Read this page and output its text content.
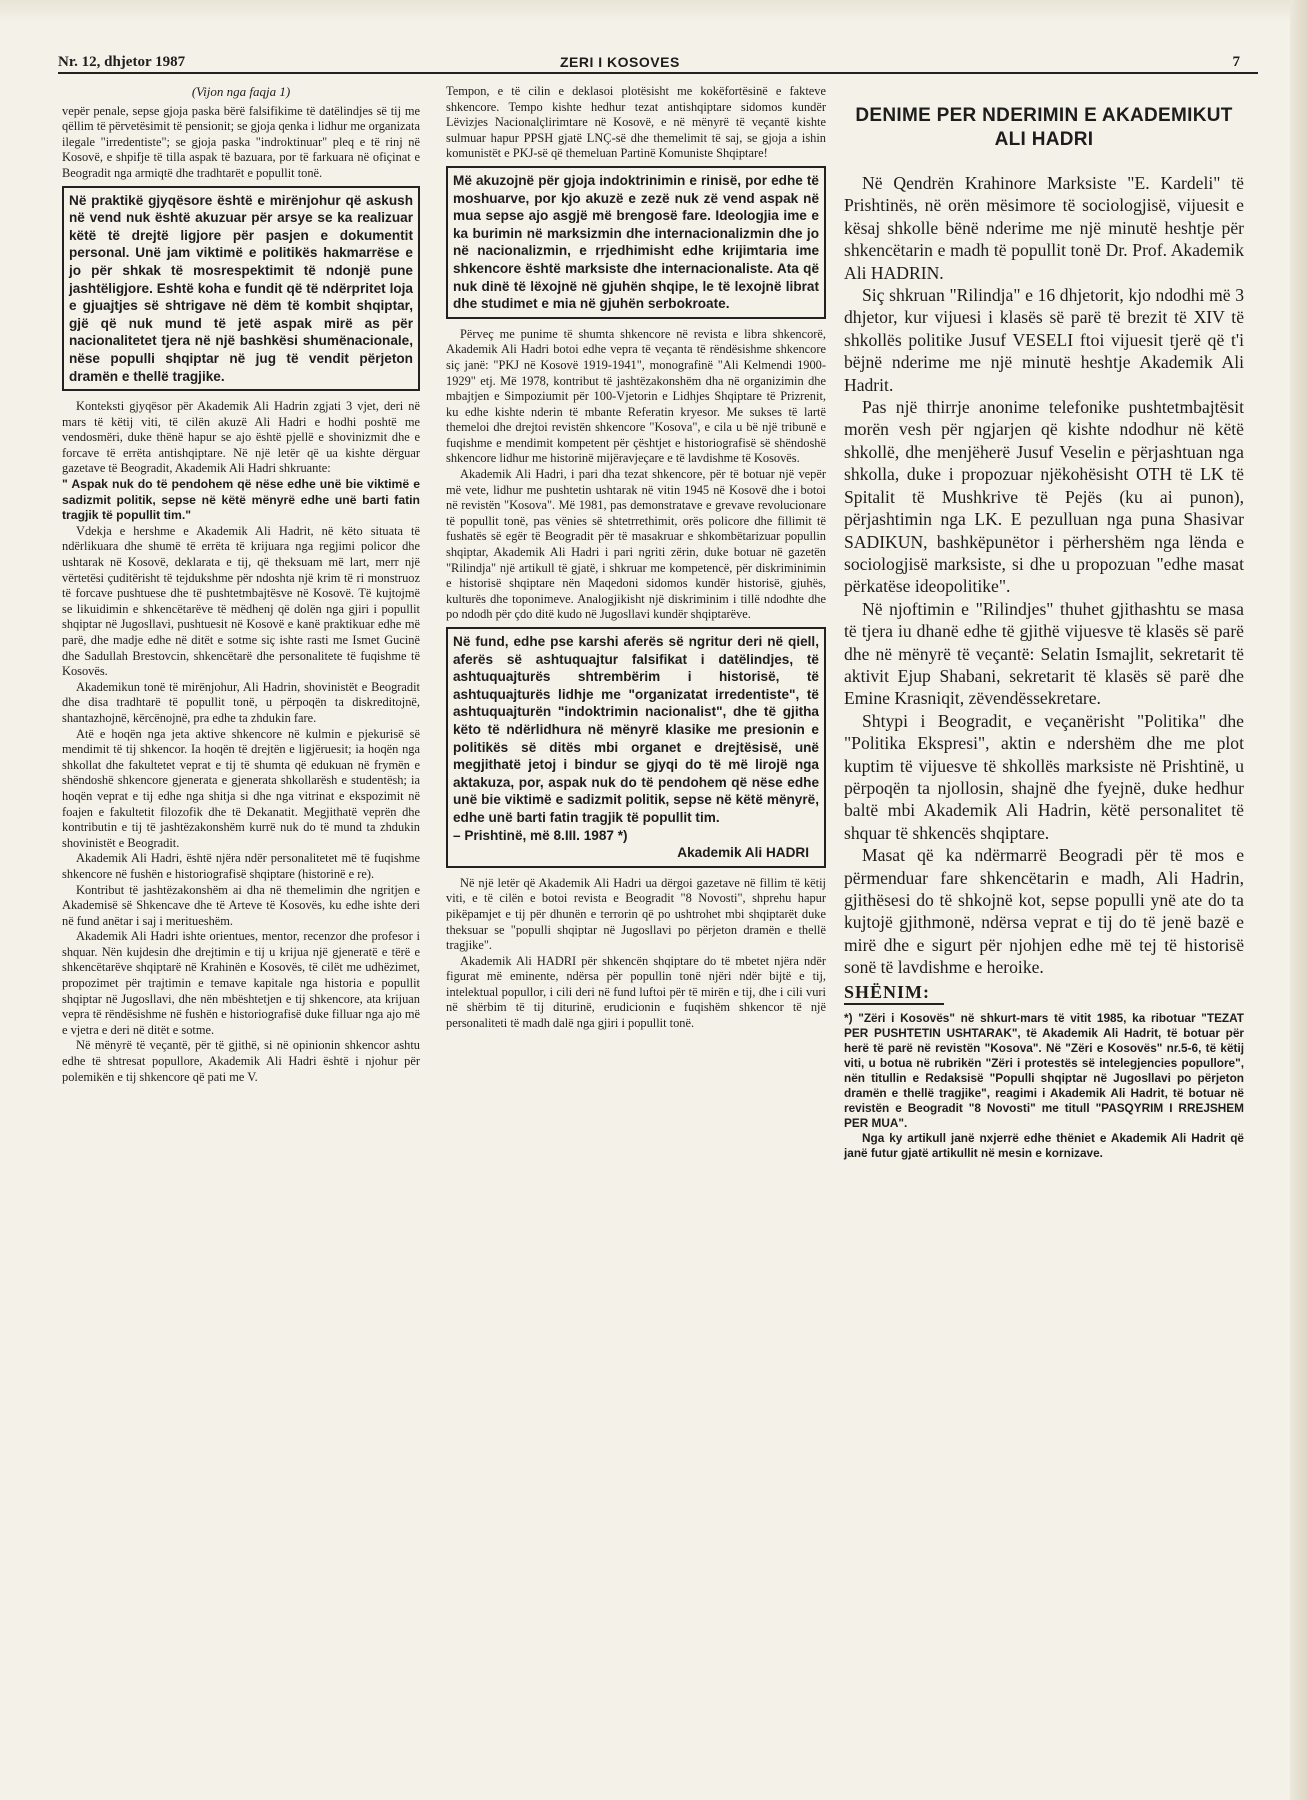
Nr. 12, dhjetor 1987	ZERI I KOSOVES	7

(Vijon nga faqja 1)

vepër penale, sepse gjoja paska bërë falsifikime të datëlindjes së tij me qëllim të përvetësimit të pensionit; se gjoja qenka i lidhur me organizata ilegale "irredentiste"; se gjoja paska "indroktinuar" pleq e të rinj në Kosovë, e shpifje të tilla aspak të bazuara, por të farkuara në ofiçinat e Beogradit nga armiqtë dhe tradhtarët e popullit tonë.

Në praktikë gjyqësore është e mirënjohur që askush në vend nuk është akuzuar për arsye se ka realizuar këtë të drejtë ligjore për pasjen e dokumentit personal. Unë jam viktimë e politikës hakmarrëse e jo për shkak të mosrespektimit të ndonjë pune jashtëligjore. Eshtë koha e fundit që të ndërpritet loja e gjuajtjes së shtrigave në dëm të kombit shqiptar, gjë që nuk mund të jetë aspak mirë as për nacionalitetet tjera në një bashkësi shumënacionale, nëse populli shqiptar në jug të vendit përjeton dramën e thellë tragjike.

Konteksti gjyqësor për Akademik Ali Hadrin zgjati 3 vjet, deri në mars të këtij viti, të cilën akuzë Ali Hadri e hodhi poshtë me vendosmëri, duke thënë hapur se ajo është pjellë e shovinizmit dhe e forcave të errëta antishqiptare. Në një letër që ua kishte dërguar gazetave të Beogradit, Akademik Ali Hadri shkruante:

" Aspak nuk do të pendohem që nëse edhe unë bie viktimë e sadizmit politik, sepse në këtë mënyrë edhe unë barti fatin tragjik të popullit tim."

Vdekja e hershme e Akademik Ali Hadrit, në këto situata të ndërlikuara dhe shumë të errëta të krijuara nga regjimi policor dhe ushtarak në Kosovë, deklarata e tij, që theksuam më lart, merr një vërtetësi çuditërisht të tejdukshme për ndoshta një krim të ri monstruoz të forcave pushtuese dhe të pushtetmbajtësve në Kosovë. Të kujtojmë se likuidimin e shkencëtarëve të mëdhenj që dolën nga gjiri i popullit shqiptar në Jugosllavi, pushtuesit në Kosovë e kanë praktikuar edhe më parë, dhe madje edhe në ditët e sotme siç ishte rasti me Ismet Gucinë dhe Sadullah Brestovcin, shkencëtarë dhe personalitete të fuqishme të Kosovës.

Akademikun tonë të mirënjohur, Ali Hadrin, shovinistët e Beogradit dhe disa tradhtarë të popullit tonë, u përpoqën ta diskreditojnë, shantazhojnë, kërcënojnë, pra edhe ta zhdukin fare.

Atë e hoqën nga jeta aktive shkencore në kulmin e pjekurisë së mendimit të tij shkencor. Ia hoqën të drejtën e ligjëruesit; ia hoqën nga shkollat dhe fakultetet veprat e tij të shumta që edukuan në frymën e shëndoshë shkencore gjenerata e gjenerata shkollarësh e studentësh; ia hoqën veprat e tij edhe nga shitja si dhe nga vitrinat e ekspozimit në foajen e fakultetit filozofik dhe të Dekanatit. Megjithatë veprën dhe kontributin e tij të jashtëzakonshëm kurrë nuk do të mund ta zhdukin shovinistët e Beogradit.

Akademik Ali Hadri, është njëra ndër personalitetet më të fuqishme shkencore në fushën e historiografisë shqiptare (historinë e re).

Kontribut të jashtëzakonshëm ai dha në themelimin dhe ngritjen e Akademisë së Shkencave dhe të Arteve të Kosovës, ku edhe ishte deri në fund anëtar i saj i meritueshëm.

Akademik Ali Hadri ishte orientues, mentor, recenzor dhe profesor i shquar. Nën kujdesin dhe drejtimin e tij u krijua një gjeneratë e tërë e shkencëtarëve shqiptarë në Krahinën e Kosovës, të cilët me udhëzimet, propozimet për trajtimin e temave kapitale nga historia e popullit shqiptar në Jugosllavi, dhe nën mbështetjen e tij shkencore, ata krijuan vepra të rëndësishme në fushën e historiografisë duke filluar nga ajo më e vjetra e deri në ditët e sotme.

Në mënyrë të veçantë, për të gjithë, si në opinionin shkencor ashtu edhe të shtresat popullore, Akademik Ali Hadri është i njohur për polemikën e tij shkencore që pati me V.

Tempon, e të cilin e deklasoi plotësisht me kokëfortësinë e fakteve shkencore. Tempo kishte hedhur tezat antishqiptare sidomos kundër Lëvizjes Nacionalçlirimtare në Kosovë, e në mënyrë të veçantë kishte sulmuar hapur PPSH gjatë LNÇ-së dhe themelimit të saj, se gjoja a ishin komunistët e PKJ-së që themeluan Partinë Komuniste Shqiptare!

Më akuzojnë për gjoja indoktrinimin e rinisë, por edhe të moshuarve, por kjo akuzë e zezë nuk zë vend aspak në mua sepse ajo asgjë më brengosë fare. Ideologjia ime e ka burimin në marksizmin dhe internacionalizmin dhe jo në nacionalizmin, e rrjedhimisht edhe krijimtaria ime shkencore është marksiste dhe internacionaliste. Ata që nuk dinë të lëxojnë në gjuhën shqipe, le të lexojnë librat dhe studimet e mia në gjuhën serbokroate.

Përveç me punime të shumta shkencore në revista e libra shkencorë, Akademik Ali Hadri botoi edhe vepra të veçanta të rëndësishme shkencore siç janë: "PKJ në Kosovë 1919-1941", monografinë "Ali Kelmendi 1900-1929" etj. Më 1978, kontribut të jashtëzakonshëm dha në organizimin dhe mbajtjen e Simpoziumit për 100-Vjetorin e Lidhjes Shqiptare të Prizrenit, ku edhe kishte nderin të mbante Referatin kryesor. Me sukses të lartë themeloi dhe drejtoi revistën shkencore "Kosova", e cila u bë një tribunë e fuqishme e mendimit kompetent për çështjet e historiografisë së shëndoshë shkencore lidhur me historinë mijëravjeçare e të lavdishme të Kosovës.

Akademik Ali Hadri, i pari dha tezat shkencore, për të botuar një vepër më vete, lidhur me pushtetin ushtarak në vitin 1945 në Kosovë dhe i botoi në revistën "Kosova". Më 1981, pas demonstratave e grevave revolucionare të popullit tonë, pas vënies së shtetrrethimit, orës policore dhe fillimit të fushatës së egër të Beogradit për të masakruar e shkombëtarizuar popullin shqiptar, Akademik Ali Hadri i pari ngriti zërin, duke botuar në gazetën "Rilindja" një artikull të gjatë, i shkruar me kompetencë, për diskriminimin e historisë shqiptare nën Maqedoni sidomos kundër historisë, gjuhës, kulturës dhe toponimeve. Analogjikisht një diskriminim i tillë ndodhte dhe po ndodh për çdo ditë kudo në Jugosllavi kundër shqiptarëve.

Në fund, edhe pse karshi aferës së ngritur deri në qiell, aferës së ashtuquajtur falsifikat i datëlindjes, të ashtuquajturës shtrembërim i historisë, të ashtuquajturës lidhje me "organizatat irredentiste", të ashtuquajturën "indoktrimin nacionalist", dhe të gjitha këto të ndërlidhura në mënyrë klasike me presionin e politikës së ditës mbi organet e drejtësisë, unë megjithatë jetoj i bindur se gjyqi do të më lirojë nga aktakuza, por, aspak nuk do të pendohem që nëse edhe unë bie viktimë e sadizmit politik, sepse në këtë mënyrë, edhe unë barti fatin tragjik të popullit tim.

– Prishtinë, më 8.III. 1987 *)

Akademik Ali HADRI

Në një letër që Akademik Ali Hadri ua dërgoi gazetave në fillim të këtij viti, e të cilën e botoi revista e Beogradit "8 Novosti", shprehu hapur pikëpamjet e tij për dhunën e terrorin që po ushtrohet mbi shqiptarët duke theksuar se "populli shqiptar në Jugosllavi po përjeton dramën e thellë tragjike".

Akademik Ali HADRI për shkencën shqiptare do të mbetet njëra ndër figurat më eminente, ndërsa për popullin tonë njëri ndër bijtë e tij, intelektual popullor, i cili deri në fund luftoi për të mirën e tij, dhe i cili vuri në shërbim të tij diturinë, erudicionin e fuqishëm shkencor të një personaliteti të madh dalë nga gjiri i popullit tonë.

DENIME PER NDERIMIN E AKADEMIKUT ALI HADRI

Në Qendrën Krahinore Marksiste "E. Kardeli" të Prishtinës, në orën mësimore të sociologjisë, vijuesit e kësaj shkolle bënë nderime me një minutë heshtje për shkencëtarin e madh të popullit tonë Dr. Prof. Akademik Ali HADRIN.

Siç shkruan "Rilindja" e 16 dhjetorit, kjo ndodhi më 3 dhjetor, kur vijuesi i klasës së parë të brezit të XIV të shkollës politike Jusuf VESELI ftoi vijuesit tjerë që t'i bëjnë nderime me një minutë heshtje Akademik Ali Hadrit.

Pas një thirrje anonime telefonike pushtetmbajtësit morën vesh për ngjarjen që kishte ndodhur në këtë shkollë, dhe menjëherë Jusuf Veselin e përjashtuan nga shkolla, duke i propozuar njëkohësisht OTH të LK të Spitalit të Mushkrive të Pejës (ku ai punon), përjashtimin nga LK. E pezulluan nga puna Shasivar SADIKUN, bashkëpunëtor i përhershëm nga lënda e sociologjisë marksiste, si dhe u propozuan "edhe masat përkatëse ideopolitike".

Në njoftimin e "Rilindjes" thuhet gjithashtu se masa të tjera iu dhanë edhe të gjithë vijuesve të klasës së parë dhe në mënyrë të veçantë: Selatin Ismajlit, sekretarit të aktivit Ejup Shabani, sekretarit të klasës së parë dhe Emine Krasniqit, zëvendëssekretare.

Shtypi i Beogradit, e veçanërisht "Politika" dhe "Politika Ekspresi", aktin e ndershëm dhe me plot kuptim të vijuesve të shkollës marksiste në Prishtinë, u përpoqën ta njollosin, shajnë dhe fyejnë, duke hedhur baltë mbi Akademik Ali Hadrin, këtë personalitet të shquar të shkencës shqiptare.

Masat që ka ndërmarrë Beogradi për të mos e përmenduar fare shkencëtarin e madh, Ali Hadrin, gjithësesi do të shkojnë kot, sepse populli ynë ate do ta kujtojë gjithmonë, ndërsa veprat e tij do të jenë bazë e mirë dhe e sigurt për njohjen edhe më tej të historisë sonë të lavdishme e heroike.

SHËNIM:

*) "Zëri i Kosovës" në shkurt-mars të vitit 1985, ka ribotuar "TEZAT PER PUSHTETIN USHTARAK", të Akademik Ali Hadrit, të botuar për herë të parë në revistën "Kosova". Në "Zëri e Kosovës" nr.5-6, të këtij viti, u botua në rubrikën "Zëri i protestës së intelegjencies popullore", nën titullin e Redaksisë "Populli shqiptar në Jugosllavi po përjeton dramën e thellë tragjike", reagimi i Akademik Ali Hadrit, të botuar në revistën e Beogradit "8 Novosti" me titull "PASQYRIM I RREJSHEM PER MUA".

Nga ky artikull janë nxjerrë edhe thëniet e Akademik Ali Hadrit që janë futur gjatë artikullit në mesin e kornizave.
